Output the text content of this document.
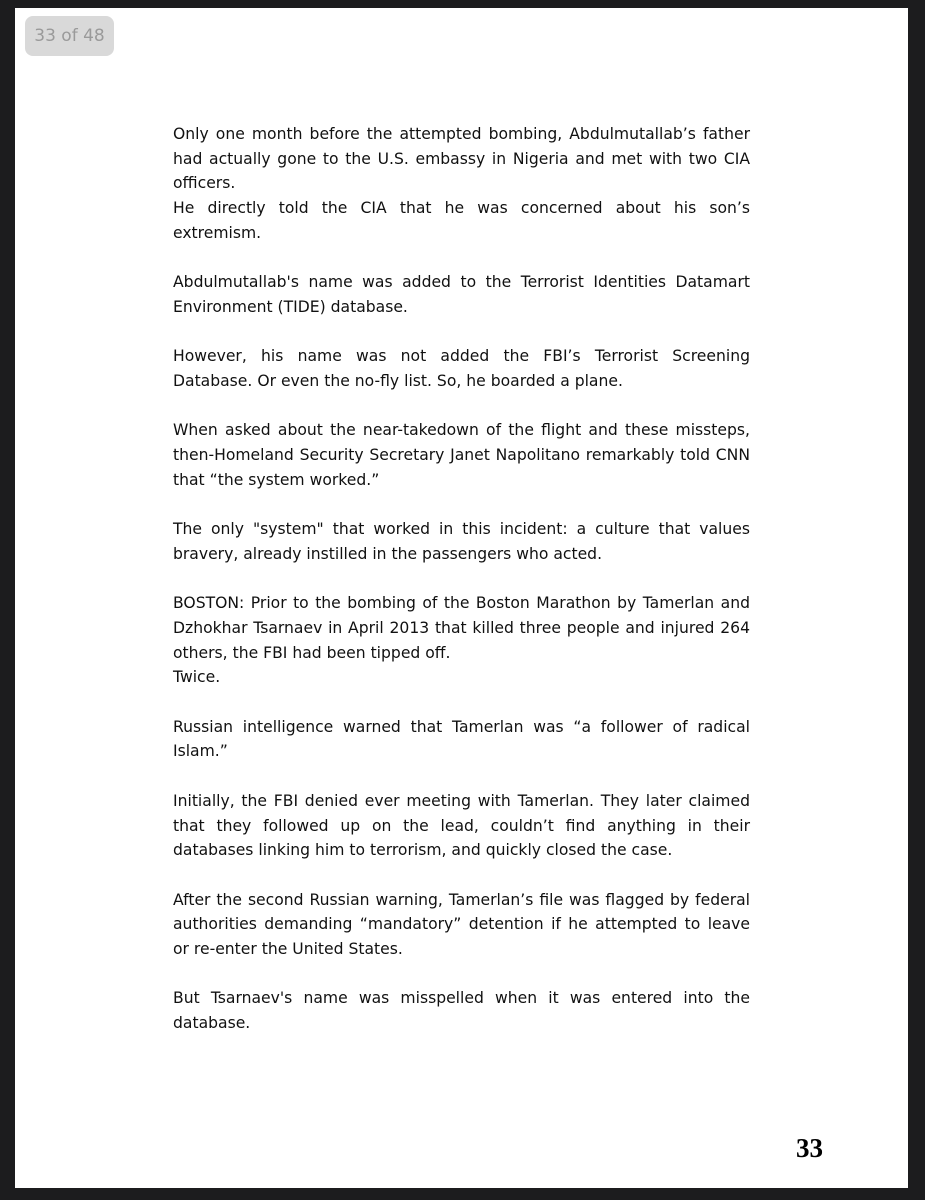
33 of 48

Only one month before the attempted bombing, Abdulmutallab’s father had actually gone to the U.S. embassy in Nigeria and met with two CIA officers.
He directly told the CIA that he was concerned about his son’s extremism.

Abdulmutallab's name was added to the Terrorist Identities Datamart Environment (TIDE) database.

However, his name was not added the FBI’s Terrorist Screening Database. Or even the no-fly list. So, he boarded a plane.

When asked about the near-takedown of the flight and these missteps, then-Homeland Security Secretary Janet Napolitano remarkably told CNN that “the system worked.”

The only "system" that worked in this incident: a culture that values bravery, already instilled in the passengers who acted.

BOSTON: Prior to the bombing of the Boston Marathon by Tamerlan and Dzhokhar Tsarnaev in April 2013 that killed three people and injured 264 others, the FBI had been tipped off.
Twice.

Russian intelligence warned that Tamerlan was “a follower of radical Islam.”

Initially, the FBI denied ever meeting with Tamerlan. They later claimed that they followed up on the lead, couldn’t find anything in their databases linking him to terrorism, and quickly closed the case.

After the second Russian warning, Tamerlan’s file was flagged by federal authorities demanding “mandatory” detention if he attempted to leave or re-enter the United States.

But Tsarnaev's name was misspelled when it was entered into the database.

33
